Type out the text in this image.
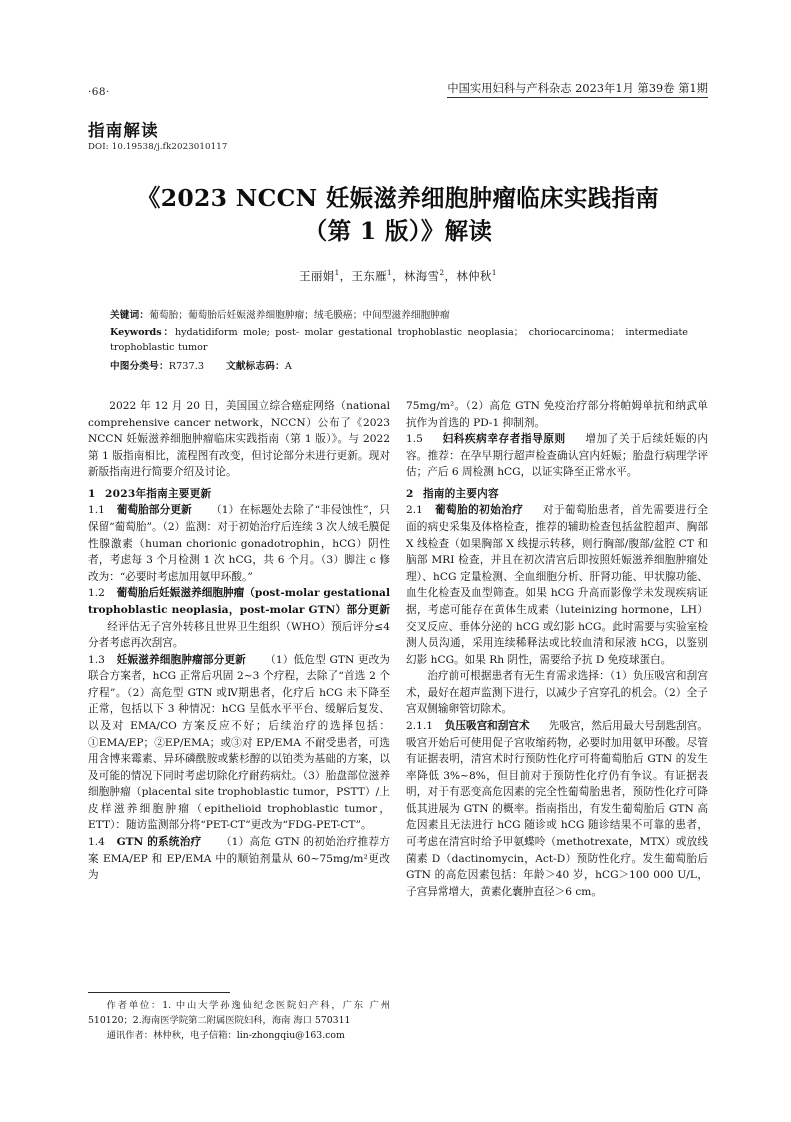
·68·	中国实用妇科与产科杂志 2023年1月 第39卷 第1期
指南解读
DOI: 10.19538/j.fk2023010117
《2023 NCCN 妊娠滋养细胞肿瘤临床实践指南
（第 1 版）》解读
王丽娟$^1$，王东雁$^1$，林海雪$^2$，林仲秋$^1$
关键词：葡萄胎；葡萄胎后妊娠滋养细胞肿瘤；绒毛膜癌；中间型滋养细胞肿瘤
Keywords：hydatidiform mole; post- molar gestational trophoblastic neoplasia； choriocarcinoma； intermediate trophoblastic tumor
中图分类号：R737.3 文献标志码：A

2022 年 12 月 20 日，美国国立综合癌症网络（national comprehensive cancer network，NCCN）公布了《2023 NCCN 妊娠滋养细胞肿瘤临床实践指南（第 1 版）》。与 2022 第 1 版指南相比，流程图有改变，但讨论部分未进行更新。现对新版指南进行简要介绍及讨论。

1 2023年指南主要更新

1.1 葡萄胎部分更新 （1）在标题处去除了“非侵蚀性”，只保留“葡萄胎”。（2）监测：对于初始治疗后连续 3 次人绒毛膜促性腺激素（human chorionic gonadotrophin，hCG）阴性者，考虑每 3 个月检测 1 次 hCG，共 6 个月。（3）脚注 c 修改为：“必要时考虑加用氨甲环酸。”

1.2 葡萄胎后妊娠滋养细胞肿瘤（post-molar gestational trophoblastic neoplasia，post-molar GTN）部分更新经评估无子宫外转移且世界卫生组织（WHO）预后评分≤4 分者考虑再次刮宫。

1.3 妊娠滋养细胞肿瘤部分更新 （1）低危型 GTN 更改为联合方案者，hCG 正常后巩固 2~3 个疗程，去除了“首选 2 个疗程”。（2）高危型 GTN 或Ⅳ期患者，化疗后 hCG 未下降至正常，包括以下 3 种情况：hCG 呈低水平平台、缓解后复发、以及对 EMA/CO 方案反应不好；后续治疗的选择包括：①EMA/EP；②EP/EMA；或③对 EP/EMA 不耐受患者，可选用含博来霉素、异环磷酰胺或紫杉醇的以铂类为基础的方案，以及可能的情况下同时考虑切除化疗耐药病灶。（3）胎盘部位滋养细胞肿瘤（placental site trophoblastic tumor，PSTT）/上皮样滋养细胞肿瘤（epithelioid trophoblastic tumor，ETT）：随访监测部分将“PET-CT”更改为“FDG-PET-CT”。

1.4 GTN 的系统治疗 （1）高危 GTN 的初始治疗推荐方案 EMA/EP 和 EP/EMA 中的顺铂剂量从 60~75mg/m²更改为

75mg/m²。（2）高危 GTN 免疫治疗部分将帕姆单抗和纳武单抗作为首选的 PD-1 抑制剂。

1.5 妇科疾病幸存者指导原则 增加了关于后续妊娠的内容。推荐：在孕早期行超声检查确认宫内妊娠；胎盘行病理学评估；产后 6 周检测 hCG，以证实降至正常水平。

2 指南的主要内容

2.1 葡萄胎的初始治疗 对于葡萄胎患者，首先需要进行全面的病史采集及体格检查，推荐的辅助检查包括盆腔超声、胸部 X 线检查（如果胸部 X 线提示转移，则行胸部/腹部/盆腔 CT 和脑部 MRI 检查，并且在初次清宫后即按照妊娠滋养细胞肿瘤处理）、hCG 定量检测、全血细胞分析、肝肾功能、甲状腺功能、血生化检查及血型筛查。如果 hCG 升高而影像学未发现疾病证据，考虑可能存在黄体生成素（luteinizing hormone，LH）交叉反应、垂体分泌的 hCG 或幻影 hCG。此时需要与实验室检测人员沟通，采用连续稀释法或比较血清和尿液 hCG，以鉴别幻影 hCG。如果 Rh 阴性，需要给予抗 D 免疫球蛋白。

治疗前可根据患者有无生育需求选择：（1）负压吸宫和刮宫术，最好在超声监测下进行，以减少子宫穿孔的机会。（2）全子宫双侧输卵管切除术。

2.1.1 负压吸宫和刮宫术 先吸宫，然后用最大号刮匙刮宫。吸宫开始后可使用促子宫收缩药物，必要时加用氨甲环酸。尽管有证据表明，清宫术时行预防性化疗可将葡萄胎后 GTN 的发生率降低 3%~8%，但目前对于预防性化疗仍有争议。有证据表明，对于有恶变高危因素的完全性葡萄胎患者，预防性化疗可降低其进展为 GTN 的概率。指南指出，有发生葡萄胎后 GTN 高危因素且无法进行 hCG 随诊或 hCG 随诊结果不可靠的患者，可考虑在清宫时给予甲氨蝶呤（methotrexate，MTX）或放线菌素 D（dactinomycin，Act-D）预防性化疗。发生葡萄胎后 GTN 的高危因素包括：年龄＞40 岁，hCG＞100 000 U/L，子宫异常增大，黄素化囊肿直径＞6 cm。

作者单位：1. 中山大学孙逸仙纪念医院妇产科，广东 广州 510120；2.海南医学院第二附属医院妇科，海南 海口 570311

通讯作者：林仲秋，电子信箱：lin-zhongqiu@163.com
